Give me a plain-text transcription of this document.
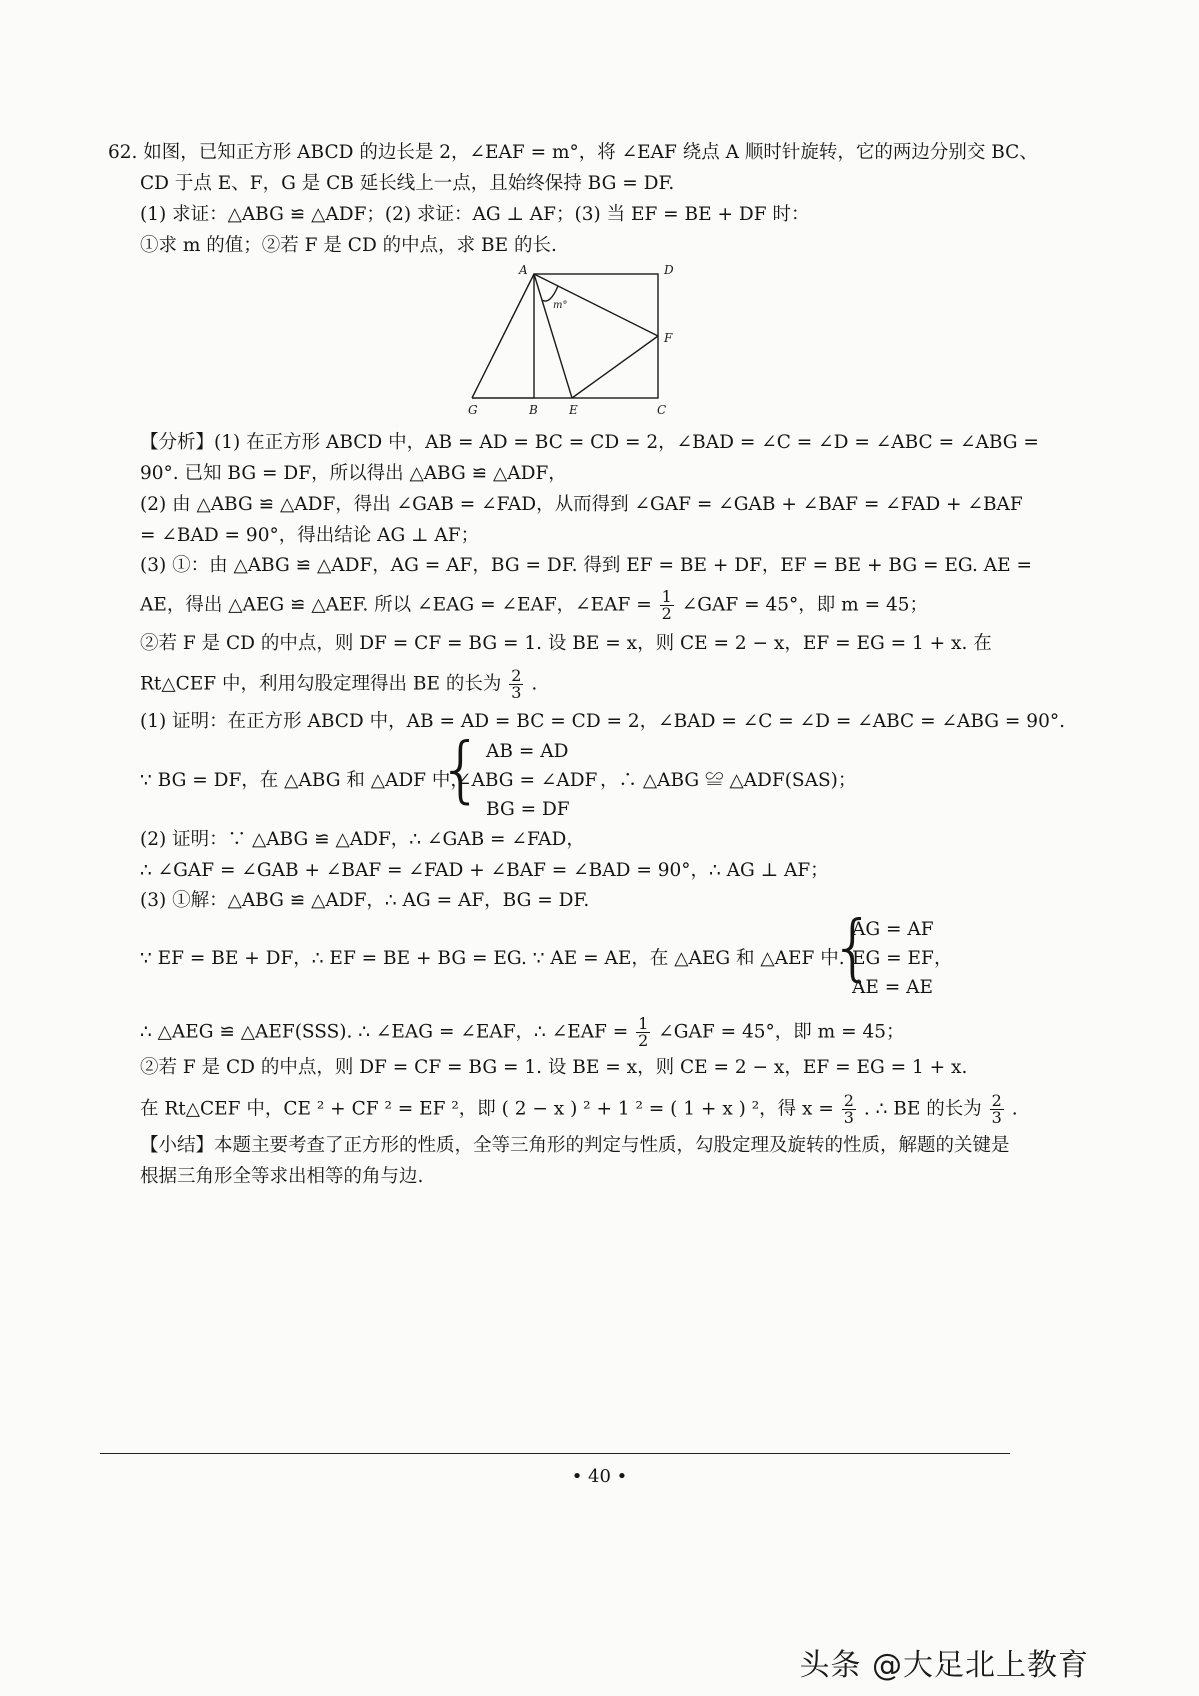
62. 如图，已知正方形 ABCD 的边长是 2，∠EAF = m°，将 ∠EAF 绕点 A 顺时针旋转，它的两边分别交 BC、
CD 于点 E、F，G 是 CB 延长线上一点，且始终保持 BG = DF.
(1) 求证：△ABG ≌ △ADF；(2) 求证：AG ⊥ AF；(3) 当 EF = BE + DF 时：
①求 m 的值；②若 F 是 CD 的中点，求 BE 的长.
A	D
F
G	B	E	C
m°
【分析】(1) 在正方形 ABCD 中，AB = AD = BC = CD = 2，∠BAD = ∠C = ∠D = ∠ABC = ∠ABG =
90°. 已知 BG = DF，所以得出 △ABG ≌ △ADF，
(2) 由 △ABG ≌ △ADF，得出 ∠GAB = ∠FAD，从而得到 ∠GAF = ∠GAB + ∠BAF = ∠FAD + ∠BAF
= ∠BAD = 90°，得出结论 AG ⊥ AF；
(3) ①：由 △ABG ≌ △ADF，AG = AF，BG = DF. 得到 EF = BE + DF，EF = BE + BG = EG. AE =
AE，得出 △AEG ≌ △AEF. 所以 ∠EAG = ∠EAF，∠EAF = $\frac{1}{2}$ ∠GAF = 45°，即 m = 45；
②若 F 是 CD 的中点，则 DF = CF = BG = 1. 设 BE = x，则 CE = 2 − x，EF = EG = 1 + x. 在
Rt△CEF 中，利用勾股定理得出 BE 的长为 $\frac{2}{3}$ .
(1) 证明：在正方形 ABCD 中，AB = AD = BC = CD = 2，∠BAD = ∠C = ∠D = ∠ABC = ∠ABG = 90°.
∵ BG = DF，在 △ABG 和 △ADF 中，
{ AB = AD
∠ABG = ∠ADF
BG = DF
，∴ △ABG ≌ △ADF(SAS)；
(2) 证明：∵ △ABG ≌ △ADF，∴ ∠GAB = ∠FAD，
∴ ∠GAF = ∠GAB + ∠BAF = ∠FAD + ∠BAF = ∠BAD = 90°，∴ AG ⊥ AF；
(3) ①解：△ABG ≌ △ADF，∴ AG = AF，BG = DF.
∵ EF = BE + DF，∴ EF = BE + BG = EG. ∵ AE = AE，在 △AEG 和 △AEF 中.
{
AG = AF
EG = EF
AE = AE
，
∴ △AEG ≌ △AEF(SSS). ∴ ∠EAG = ∠EAF，∴ ∠EAF = $\frac{1}{2}$ ∠GAF = 45°，即 m = 45；
②若 F 是 CD 的中点，则 DF = CF = BG = 1. 设 BE = x，则 CE = 2 − x，EF = EG = 1 + x.
在 Rt△CEF 中，CE ² + CF ² = EF ²，即 ( 2 − x ) ² + 1 ² = ( 1 + x ) ²，得 $x = \frac{2}{3}$ . ∴ BE 的长为 $\frac{2}{3}$ .
【小结】本题主要考查了正方形的性质，全等三角形的判定与性质，勾股定理及旋转的性质，解题的关键是
根据三角形全等求出相等的角与边.
• 40 •
头条 @大足北上教育
